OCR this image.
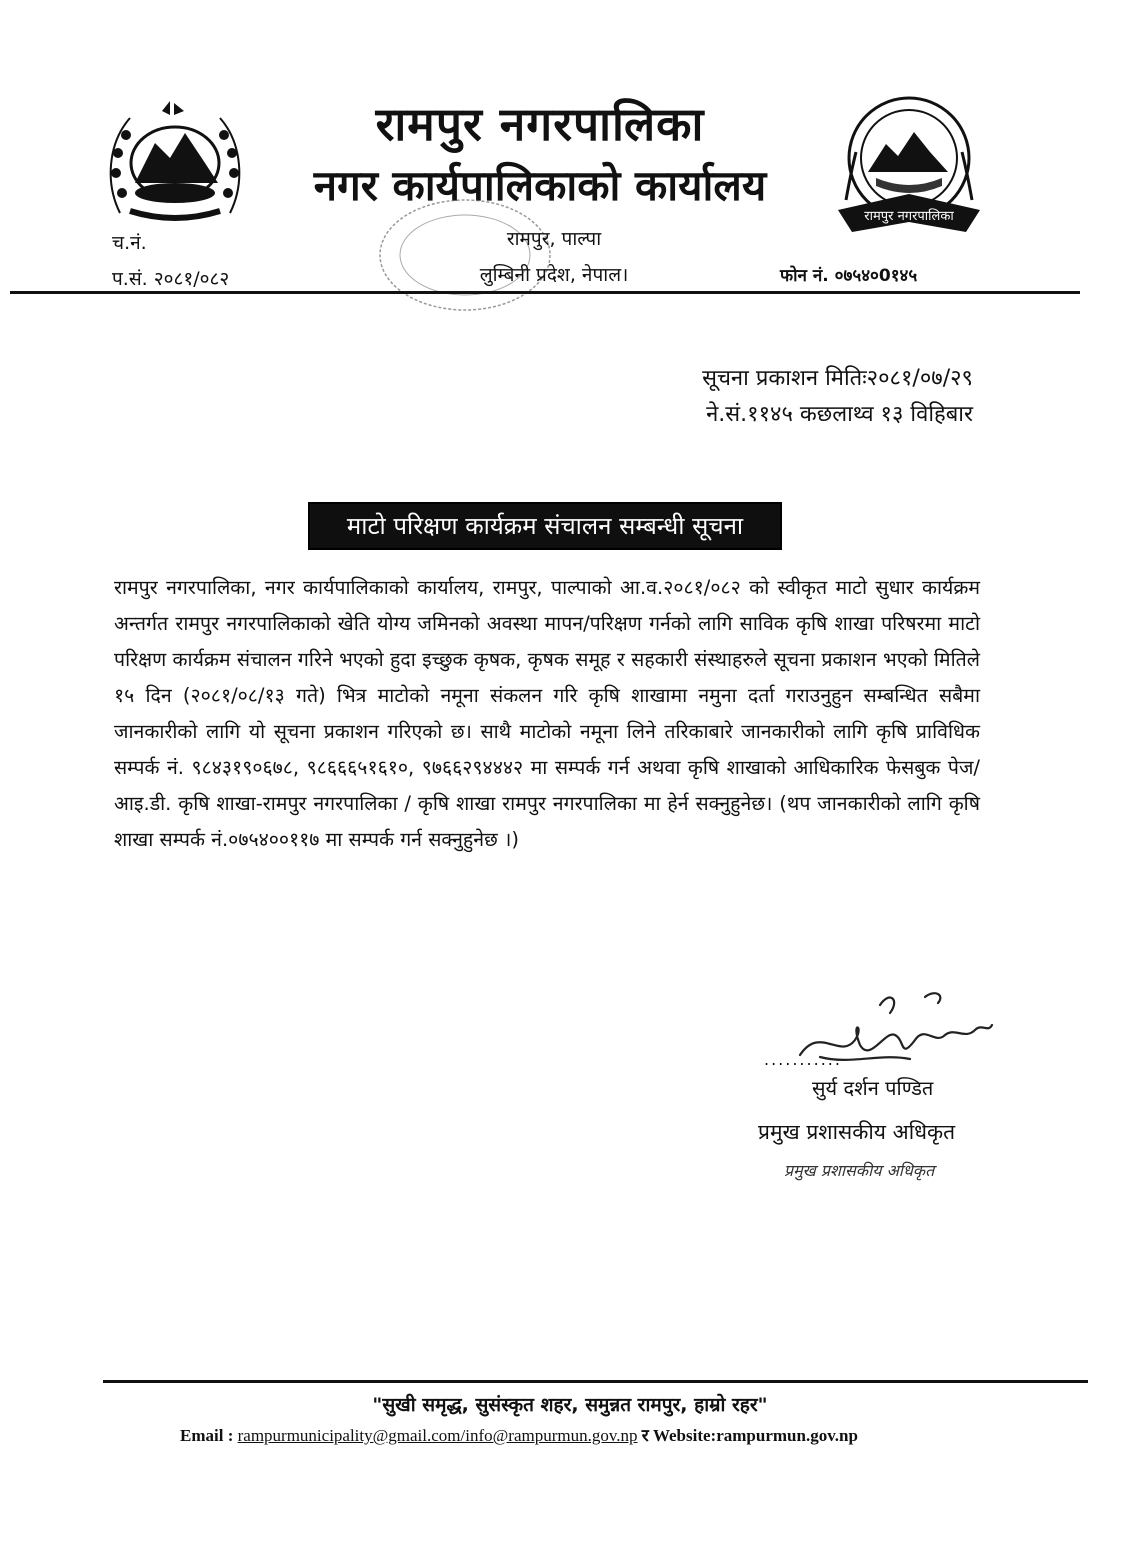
रामपुर नगरपालिका
रामपुर नगरपालिका
नगर कार्यपालिकाको कार्यालय
रामपुर, पाल्पा
लुम्बिनी प्रदेश, नेपाल।
च.नं.
प.सं. २०८१/०८२	फोन नं. ०७५४०0१४५
सूचना प्रकाशन मितिः२०८१/०७/२९
ने.सं.११४५ कछलाथ्व १३ विहिबार
माटो परिक्षण कार्यक्रम संचालन सम्बन्धी सूचना
रामपुर नगरपालिका, नगर कार्यपालिकाको कार्यालय, रामपुर, पाल्पाको आ.व.२०८१/०८२ को स्वीकृत माटो सुधार कार्यक्रम अन्तर्गत रामपुर नगरपालिकाको खेति योग्य जमिनको अवस्था मापन/परिक्षण गर्नको लागि साविक कृषि शाखा परिषरमा माटो परिक्षण कार्यक्रम संचालन गरिने भएको हुदा इच्छुक कृषक, कृषक समूह र सहकारी संस्थाहरुले सूचना प्रकाशन भएको मितिले १५ दिन (२०८१/०८/१३ गते) भित्र माटोको नमूना संकलन गरि कृषि शाखामा नमुना दर्ता गराउनुहुन सम्बन्धित सबैमा जानकारीको लागि यो सूचना प्रकाशन गरिएको छ। साथै माटोको नमूना लिने तरिकाबारे जानकारीको लागि कृषि प्राविधिक सम्पर्क नं. ९८४३१९०६७८, ९८६६६५१६१०, ९७६६२९४४४२ मा सम्पर्क गर्न अथवा कृषि शाखाको आधिकारिक फेसबुक पेज/आइ.डी. कृषि शाखा-रामपुर नगरपालिका / कृषि शाखा रामपुर नगरपालिका मा हेर्न सक्नुहुनेछ। (थप जानकारीको लागि कृषि शाखा सम्पर्क नं.०७५४००११७ मा सम्पर्क गर्न सक्नुहुनेछ ।)
...........
सुर्य दर्शन पण्डित
प्रमुख प्रशासकीय अधिकृत
प्रमुख प्रशासकीय अधिकृत
"सुखी समृद्ध, सुसंस्कृत शहर, समुन्नत रामपुर, हाम्रो रहर"
Email : rampurmunicipality@gmail.com/info@rampurmun.gov.np र Website:rampurmun.gov.np
